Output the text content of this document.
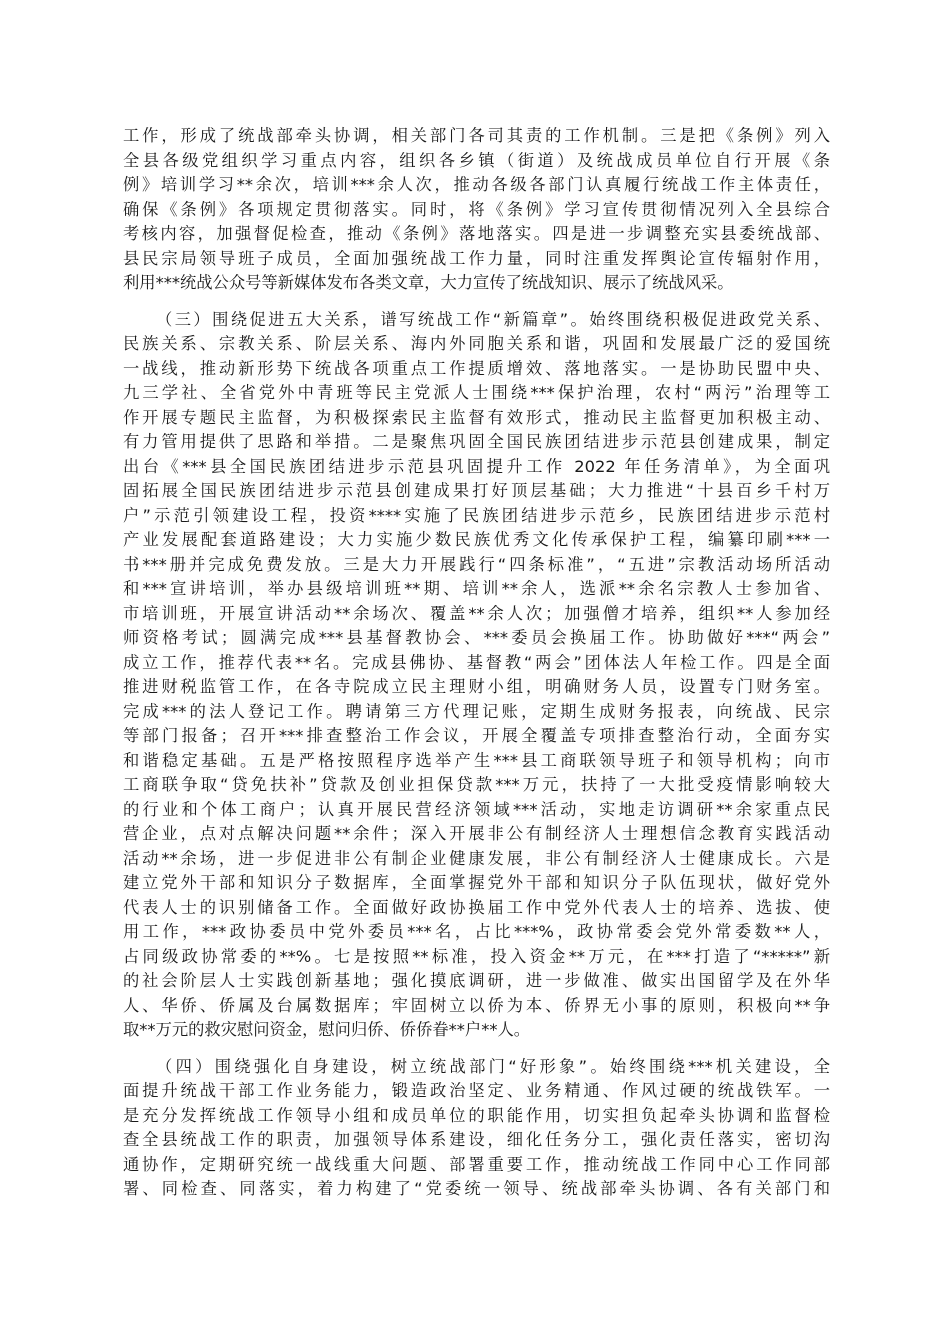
工作，形成了统战部牵头协调，相关部门各司其责的工作机制。三是把《条例》列入
全县各级党组织学习重点内容，组织各乡镇（街道）及统战成员单位自行开展《条
例》培训学习**余次，培训***余人次，推动各级各部门认真履行统战工作主体责任，
确保《条例》各项规定贯彻落实。同时，将《条例》学习宣传贯彻情况列入全县综合
考核内容，加强督促检查，推动《条例》落地落实。四是进一步调整充实县委统战部、
县民宗局领导班子成员，全面加强统战工作力量，同时注重发挥舆论宣传辐射作用，
利用***统战公众号等新媒体发布各类文章，大力宣传了统战知识、展示了统战风采。
（三）围绕促进五大关系，谱写统战工作“新篇章”。始终围绕积极促进政党关系、
民族关系、宗教关系、阶层关系、海内外同胞关系和谐，巩固和发展最广泛的爱国统
一战线，推动新形势下统战各项重点工作提质增效、落地落实。一是协助民盟中央、
九三学社、全省党外中青班等民主党派人士围绕***保护治理，农村“两污”治理等工
作开展专题民主监督，为积极探索民主监督有效形式，推动民主监督更加积极主动、
有力管用提供了思路和举措。二是聚焦巩固全国民族团结进步示范县创建成果，制定
出台《***县全国民族团结进步示范县巩固提升工作 2022 年任务清单》，为全面巩
固拓展全国民族团结进步示范县创建成果打好顶层基础；大力推进“十县百乡千村万
户”示范引领建设工程，投资****实施了民族团结进步示范乡，民族团结进步示范村
产业发展配套道路建设；大力实施少数民族优秀文化传承保护工程，编纂印刷***一
书***册并完成免费发放。三是大力开展践行“四条标准”，“五进”宗教活动场所活动
和***宣讲培训，举办县级培训班**期、培训**余人，选派**余名宗教人士参加省、
市培训班，开展宣讲活动**余场次、覆盖**余人次；加强僧才培养，组织**人参加经
师资格考试；圆满完成***县基督教协会、***委员会换届工作。协助做好***“两会”
成立工作，推荐代表**名。完成县佛协、基督教“两会”团体法人年检工作。四是全面
推进财税监管工作，在各寺院成立民主理财小组，明确财务人员，设置专门财务室。
完成***的法人登记工作。聘请第三方代理记账，定期生成财务报表，向统战、民宗
等部门报备；召开***排查整治工作会议，开展全覆盖专项排查整治行动，全面夯实
和谐稳定基础。五是严格按照程序选举产生***县工商联领导班子和领导机构；向市
工商联争取“贷免扶补”贷款及创业担保贷款***万元，扶持了一大批受疫情影响较大
的行业和个体工商户；认真开展民营经济领域***活动，实地走访调研**余家重点民
营企业，点对点解决问题**余件；深入开展非公有制经济人士理想信念教育实践活动
活动**余场，进一步促进非公有制企业健康发展，非公有制经济人士健康成长。六是
建立党外干部和知识分子数据库，全面掌握党外干部和知识分子队伍现状，做好党外
代表人士的识别储备工作。全面做好政协换届工作中党外代表人士的培养、选拔、使
用工作，***政协委员中党外委员***名，占比***%，政协常委会党外常委数**人，
占同级政协常委的**%。七是按照**标准，投入资金**万元，在***打造了“*****”新
的社会阶层人士实践创新基地；强化摸底调研，进一步做准、做实出国留学及在外华
人、华侨、侨属及台属数据库；牢固树立以侨为本、侨界无小事的原则，积极向**争
取**万元的救灾慰问资金，慰问归侨、侨侨眷**户**人。
（四）围绕强化自身建设，树立统战部门“好形象”。始终围绕***机关建设，全
面提升统战干部工作业务能力，锻造政治坚定、业务精通、作风过硬的统战铁军。一
是充分发挥统战工作领导小组和成员单位的职能作用，切实担负起牵头协调和监督检
查全县统战工作的职责，加强领导体系建设，细化任务分工，强化责任落实，密切沟
通协作，定期研究统一战线重大问题、部署重要工作，推动统战工作同中心工作同部
署、同检查、同落实，着力构建了“党委统一领导、统战部牵头协调、各有关部门和
